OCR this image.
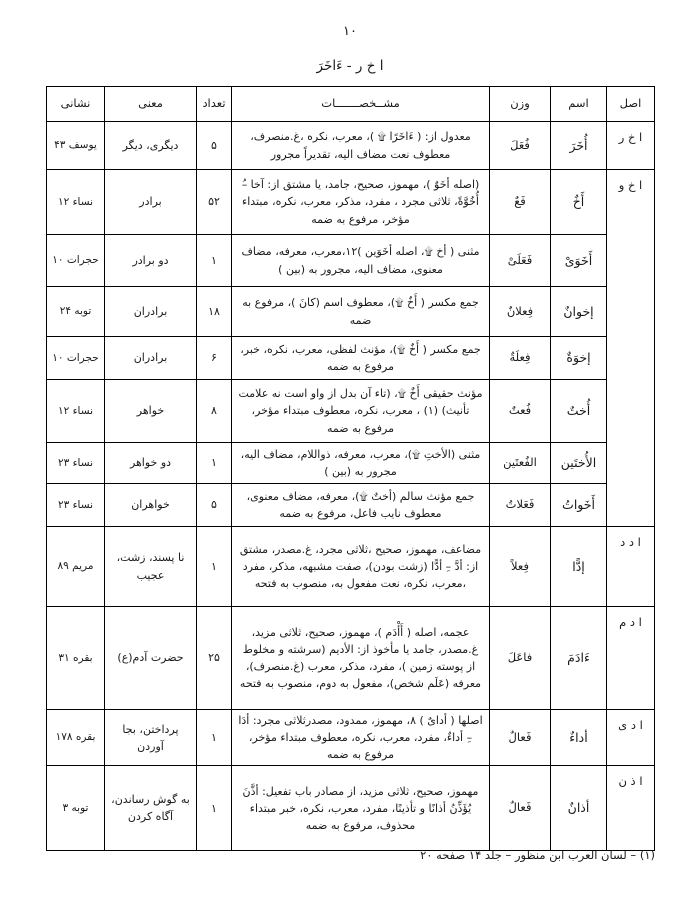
۱۰
ا خ ر - ءَاخَرَ
اصل	اسم	وزن	مشــخصـــــــات	تعداد	معنى	نشانى
ا خ ر	أُخَرَ	فُعَلَ	معدول از: ( ءَاخَرًا ۩ )، معرب، نكره ،غ.منصرف، معطوف نعت مضاف اليه، تقديراً مجرور	۵	ديگرى، ديگر	يوسف ۴۳
ا خ و	أَخٌ	فَعٌ	(اصله أخَوٌ )، مهموز، صحيح، جامد، يا مشتق از: آخا –ُ أُخُوَّةً، ثلاثى مجرد ، مفرد، مذكر، معرب، نكره، مبتداء مؤخر، مرفوع به ضمه	۵۲	برادر	نساء ۱۲
	أَخَوَىْ	فَعَلَىْ	مثنى ( أخ ۩، اصله أخَوَين )۱۲،معرب، معرفه، مضاف معنوى، مضاف اليه، مجرور به (بين )	۱	دو برادر	حجرات ۱۰
	إخوانٌ	فِعلانٌ	جمع مكسر ( أَخٌ ۩)، معطوف اسم (كانَ )، مرفوع به ضمه	۱۸	برادران	توبه ۲۴
	إخوَةٌ	فِعلَةٌ	جمع مكسر ( أَخٌ ۩)، مؤنث لفظى، معرب، نكره، خبر، مرفوع به ضمه	۶	برادران	حجرات ۱۰
	أُختٌ	فُعتٌ	مؤنث حقيقى أَخٌ ۩، (تاء آن بدل از واو است نه علامت تأنيث) (۱) ، معرب، نكره، معطوف مبتداء مؤخر، مرفوع به ضمه	۸	خواهر	نساء ۱۲
	الأُختَين	الفُعتَين	مثنى (الأختِ ۩)، معرب، معرفه، ذواللام، مضاف اليه، مجرور به (بين )	۱	دو خواهر	نساء ۲۳
	أَخَواتُ	فَعَلاتُ	جمع مؤنث سالم (أختٌ ۩)، معرفه، مضاف معنوى، معطوف نايب فاعل، مرفوع به ضمه	۵	خواهران	نساء ۲۳
ا د د	إدًّا	فِعلاً	مضاعف، مهموز، صحيح ،ثلاثى مجرد، غ.مصدر، مشتق از: أدَّ –ِ أدًّا (زشت بودن)، صفت مشبهه، مذكر، مفرد ،معرب، نكره، نعت مفعول به، منصوب به فتحه	۱	نا پسند، زشت، عجيب	مريم ۸۹
ا د م	ءَادَمَ	فاعَلَ	عجمه، اصله ( أَأْدَم )، مهموز، صحيح، ثلاثى مزيد، غ.مصدر، جامد يا مأخوذ از: الأديم (سرشته و مخلوط از پوسته زمين )، مفرد، مذكر، معرب (غ.منصرف)، معرفه (عَلَم شخص)، مفعول به دوم، منصوب به فتحه	۲۵	حضرت آدم(ع)	بقره ۳۱
ا د ى	أداءٌ	فَعالٌ	اصلها ( أداىٌ ) ۸، مهموز، ممدود، مصدرثلاثى مجرد: أدَا –ِ أداءٌ، مفرد، معرب، نكره، معطوف مبتداء مؤخر، مرفوع به ضمه	۱	پرداختن، بجا آوردن	بقره ۱۷۸
ا ذ ن	أذانٌ	فَعالٌ	مهموز، صحيح، ثلاثى مزيد، از مصادر باب تفعيل: أذَّنَ يُؤَذِّنُ أذانًا و تأذينًا، مفرد، معرب، نكره، خبر مبتداء محذوف، مرفوع به ضمه	۱	به گوش رساندن، آگاه كردن	توبه ۳
(۱) – لسان العرب ابن منظور – جلد ۱۴ صفحه ۲۰
